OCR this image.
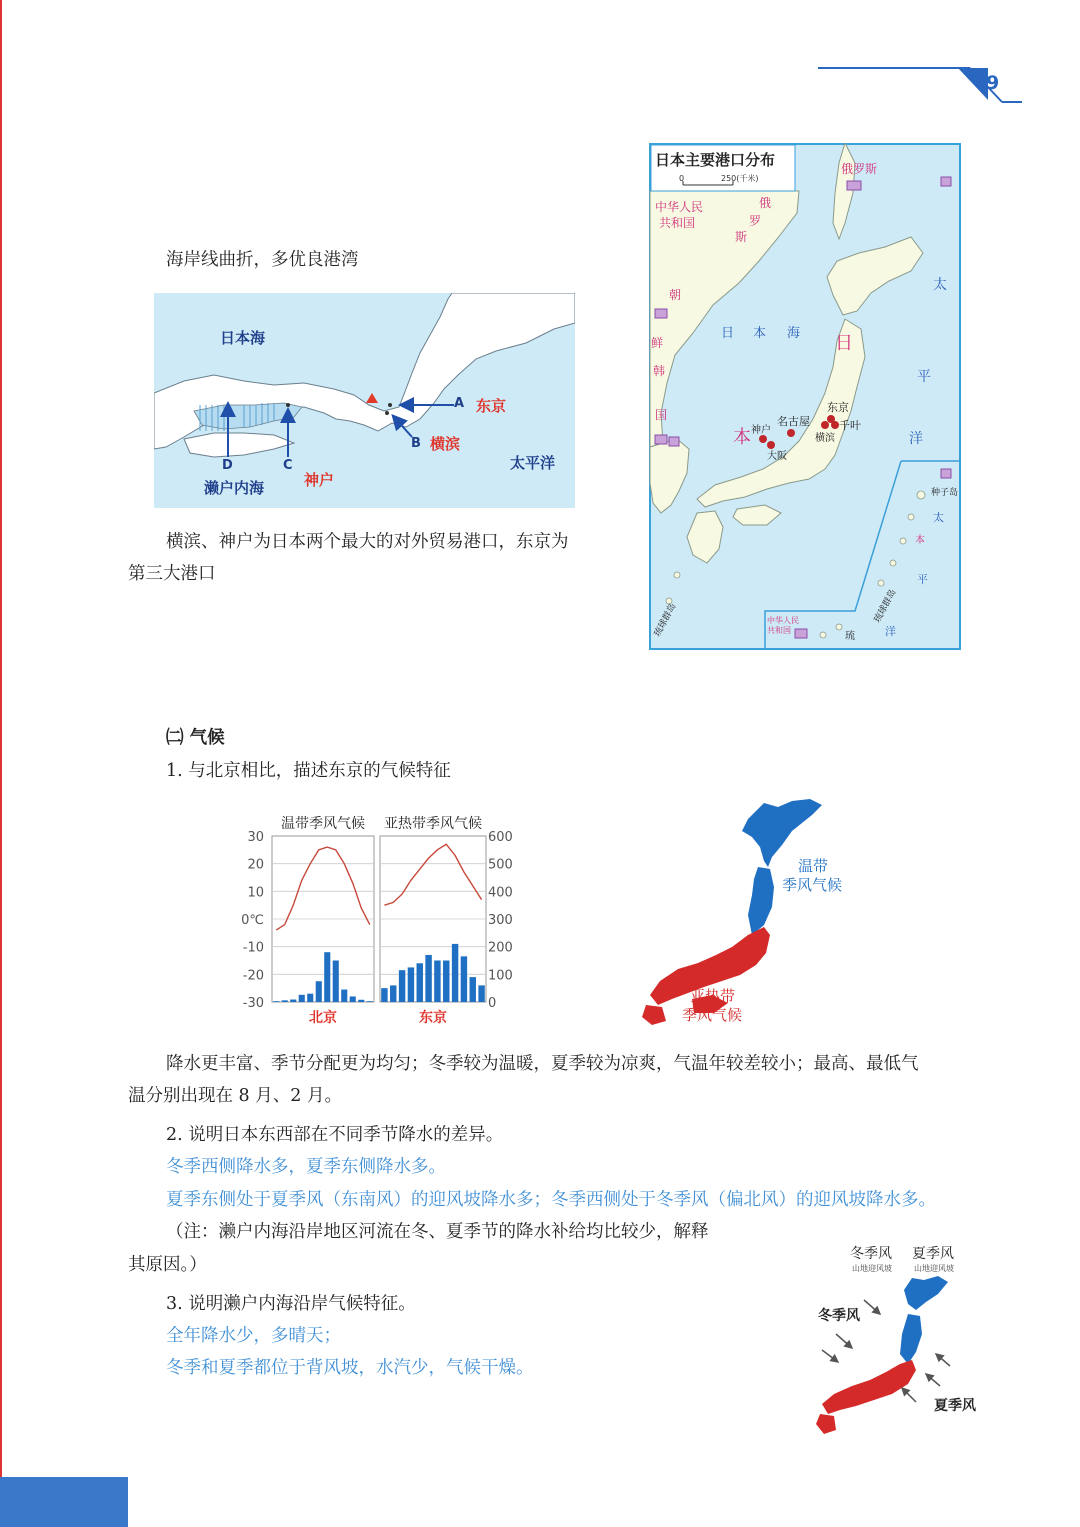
9
海岸线曲折，多优良港湾
日本海
太平洋
东京
横滨
神户
濑户内海
A
B
C
D
横滨、神户为日本两个最大的对外贸易港口，东京为
第三大港口
日本主要港口分布
0	250(千米)
俄罗斯
中华人民共和国
俄
罗
斯
朝
鲜
韩
国
日 本 海 日
本
太
平
洋
东京
名古屋
神户
大阪
横滨
千叶
种子岛
太
本
平
洋
琉球群岛	琉球群岛
琉
中华人民共和国
㈡ 气候
1. 与北京相比，描述东京的气候特征
温带季风气候
北京
亚热带季风气候
东京
30
20
10
0℃
-10
-20
-30
600
500
400
300
200
100
0
温带
季风气候
亚热带
季风气候
降水更丰富、季节分配更为均匀；冬季较为温暖，夏季较为凉爽，气温年较差较小；最高、最低气
温分别出现在 8 月、2 月。
2. 说明日本东西部在不同季节降水的差异。
冬季西侧降水多，夏季东侧降水多。
夏季东侧处于夏季风（东南风）的迎风坡降水多；冬季西侧处于冬季风（偏北风）的迎风坡降水多。
（注：濑户内海沿岸地区河流在冬、夏季节的降水补给均比较少，解释
其原因。）
3. 说明濑户内海沿岸气候特征。
全年降水少，多晴天；
冬季和夏季都位于背风坡，水汽少，气候干燥。
冬季风
山地迎风坡
夏季风
山地迎风坡
冬季风
夏季风
